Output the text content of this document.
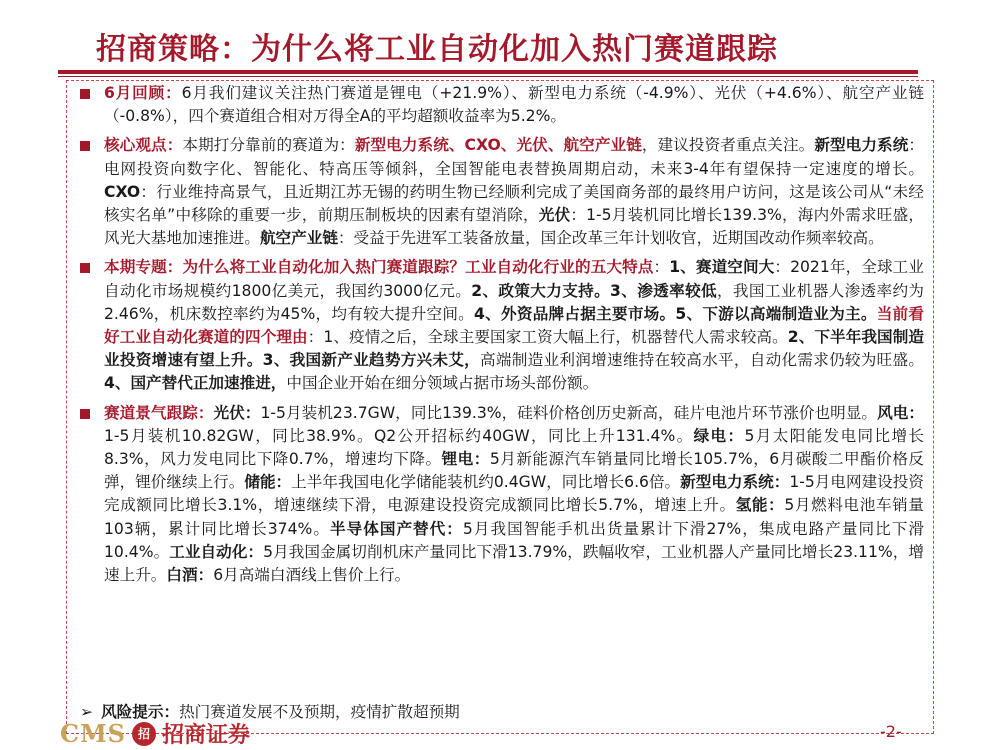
招商策略：为什么将工业自动化加入热门赛道跟踪
6月回顾：6月我们建议关注热门赛道是锂电（+21.9%）、新型电力系统（-4.9%）、光伏（+4.6%）、航空产业链（-0.8%），四个赛道组合相对万得全A的平均超额收益率为5.2%。
核心观点：本期打分靠前的赛道为：新型电力系统、CXO、光伏、航空产业链，建议投资者重点关注。新型电力系统：电网投资向数字化、智能化、特高压等倾斜，全国智能电表替换周期启动，未来3-4年有望保持一定速度的增长。CXO：行业维持高景气，且近期江苏无锡的药明生物已经顺利完成了美国商务部的最终用户访问，这是该公司从“未经核实名单”中移除的重要一步，前期压制板块的因素有望消除，光伏：1-5月装机同比增长139.3%，海内外需求旺盛，风光大基地加速推进。航空产业链：受益于先进军工装备放量，国企改革三年计划收官，近期国改动作频率较高。
本期专题：为什么将工业自动化加入热门赛道跟踪？工业自动化行业的五大特点：1、赛道空间大：2021年，全球工业自动化市场规模约1800亿美元，我国约3000亿元。2、政策大力支持。3、渗透率较低，我国工业机器人渗透率约为2.46%，机床数控率约为45%，均有较大提升空间。4、外资品牌占据主要市场。5、下游以高端制造业为主。当前看好工业自动化赛道的四个理由：1、疫情之后，全球主要国家工资大幅上行，机器替代人需求较高。2、下半年我国制造业投资增速有望上升。3、我国新产业趋势方兴未艾，高端制造业利润增速维持在较高水平，自动化需求仍较为旺盛。4、国产替代正加速推进，中国企业开始在细分领域占据市场头部份额。
赛道景气跟踪：光伏：1-5月装机23.7GW，同比139.3%，硅料价格创历史新高，硅片电池片环节涨价也明显。风电：1-5月装机10.82GW，同比38.9%。Q2公开招标约40GW，同比上升131.4%。绿电：5月太阳能发电同比增长8.3%，风力发电同比下降0.7%，增速均下降。锂电：5月新能源汽车销量同比增长105.7%，6月碳酸二甲酯价格反弹，锂价继续上行。储能：上半年我国电化学储能装机约0.4GW，同比增长6.6倍。新型电力系统：1-5月电网建设投资完成额同比增长3.1%，增速继续下滑，电源建设投资完成额同比增长5.7%，增速上升。氢能：5月燃料电池车销量103辆，累计同比增长374%。半导体国产替代：5月我国智能手机出货量累计下滑27%，集成电路产量同比下滑10.4%。工业自动化：5月我国金属切削机床产量同比下滑13.79%，跌幅收窄，工业机器人产量同比增长23.11%，增速上升。白酒：6月高端白酒线上售价上行。
➢ 风险提示：热门赛道发展不及预期，疫情扩散超预期
CMS 招 招商证券	-2-
